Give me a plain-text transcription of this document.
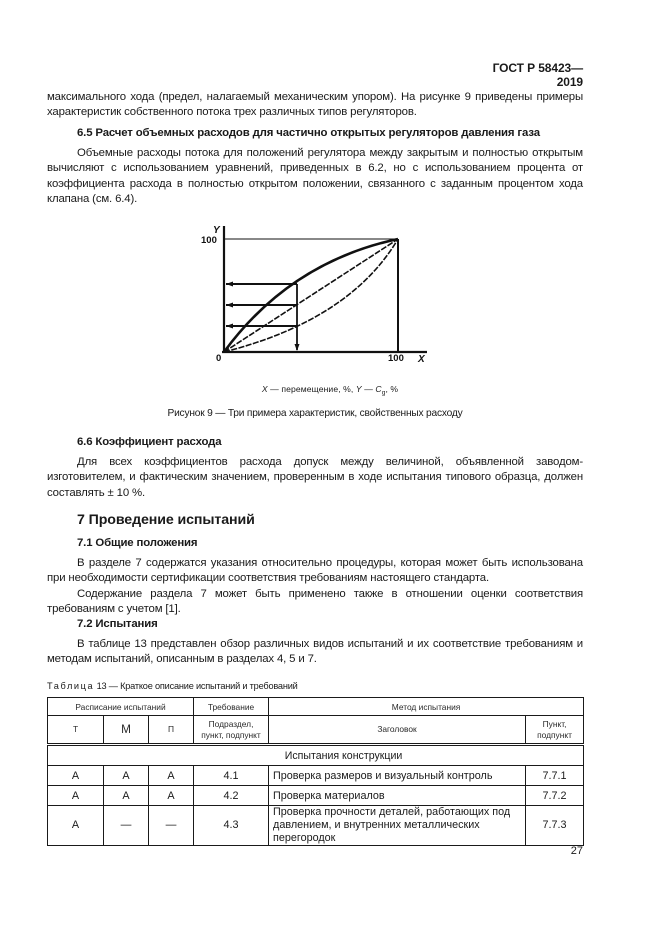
ГОСТ Р 58423—2019
максимального хода (предел, налагаемый механическим упором). На рисунке 9 приведены примеры характеристик собственного потока трех различных типов регуляторов.
6.5 Расчет объемных расходов для частично открытых регуляторов давления газа
Объемные расходы потока для положений регулятора между закрытым и полностью открытым вычисляют с использованием уравнений, приведенных в 6.2, но с использованием процента от коэффициента расхода в полностью открытом положении, связанного с заданным процентом хода клапана (см. 6.4).
Y
100
0	100 X
X — перемещение, %, Y — $C_g$, %
Рисунок 9 — Три примера характеристик, свойственных расходу
6.6 Коэффициент расхода
Для всех коэффициентов расхода допуск между величиной, объявленной заводом-изготовителем, и фактическим значением, проверенным в ходе испытания типового образца, должен составлять ± 10 %.
7 Проведение испытаний
7.1 Общие положения
В разделе 7 содержатся указания относительно процедуры, которая может быть использована при необходимости сертификации соответствия требованиям настоящего стандарта.
Содержание раздела 7 может быть применено также в отношении оценки соответствия требованиям с учетом [1].
7.2 Испытания
В таблице 13 представлен обзор различных видов испытаний и их соответствие требованиям и методам испытаний, описанным в разделах 4, 5 и 7.
Таблица 13 — Краткое описание испытаний и требований
Расписание испытаний			Требование	Метод испытания	
Т	М	П	Подраздел, пункт, подпункт	Заголовок	Пункт, подпункт
Испытания конструкции					
А	А	А	4.1	Проверка размеров и визуальный контроль	7.7.1
А	А	А	4.2	Проверка материалов	7.7.2
А	—	—	4.3	Проверка прочности деталей, работающих под давлением, и внутренних металлических перегородок	7.7.3
27
